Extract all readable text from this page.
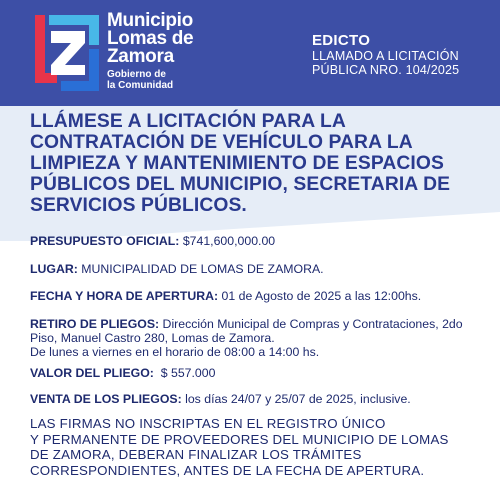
Municipio
Lomas de
Zamora
Gobierno de
la Comunidad
EDICTO
LLAMADO A LICITACIÓN
PÚBLICA NRO. 104/2025
LLÁMESE A LICITACIÓN PARA LA
CONTRATACIÓN DE VEHÍCULO PARA LA
LIMPIEZA Y MANTENIMIENTO DE ESPACIOS
PÚBLICOS DEL MUNICIPIO, SECRETARIA DE
SERVICIOS PÚBLICOS.
PRESUPUESTO OFICIAL: $741,600,000.00
LUGAR: MUNICIPALIDAD DE LOMAS DE ZAMORA.
FECHA Y HORA DE APERTURA: 01 de Agosto de 2025 a las 12:00hs.
RETIRO DE PLIEGOS: Dirección Municipal de Compras y Contrataciones, 2do
Piso, Manuel Castro 280, Lomas de Zamora.
De lunes a viernes en el horario de 08:00 a 14:00 hs.
VALOR DEL PLIEGO:  $ 557.000
VENTA DE LOS PLIEGOS: los días 24/07 y 25/07 de 2025, inclusive.
LAS FIRMAS NO INSCRIPTAS EN EL REGISTRO ÚNICO
Y PERMANENTE DE PROVEEDORES DEL MUNICIPIO DE LOMAS
DE ZAMORA, DEBERAN FINALIZAR LOS TRÁMITES
CORRESPONDIENTES, ANTES DE LA FECHA DE APERTURA.
